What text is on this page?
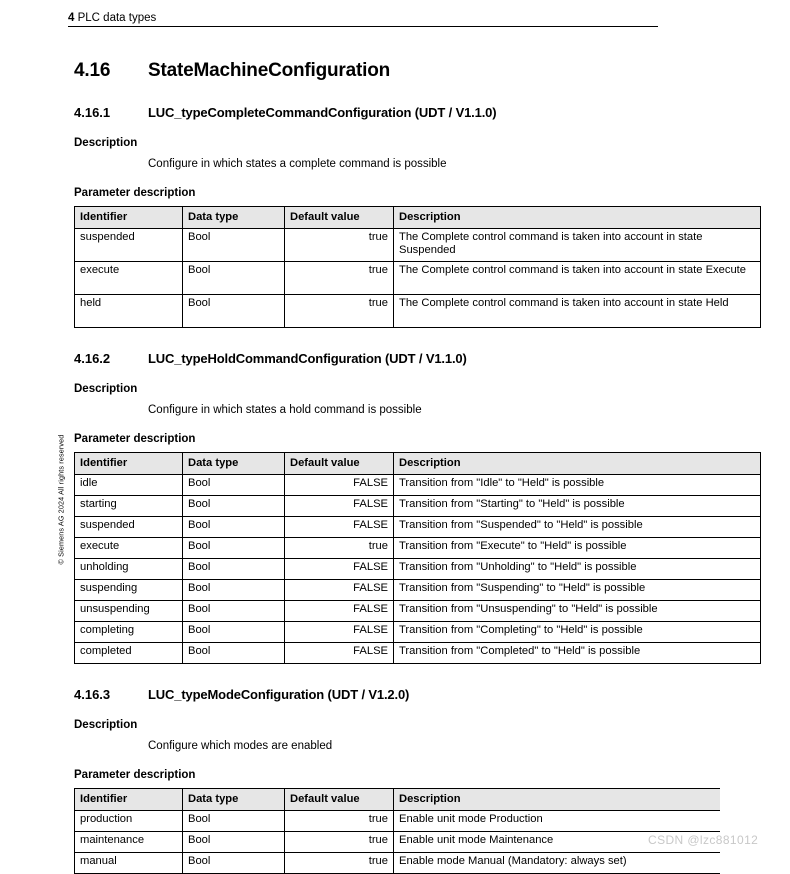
4 PLC data types
© Siemens AG 2024 All rights reserved
4.16	StateMachineConfiguration
4.16.1	LUC_typeCompleteCommandConfiguration (UDT / V1.1.0)
Description
Configure in which states a complete command is possible
Parameter description
Identifier	Data type	Default value	Description
suspended	Bool	true	The Complete control command is taken into account in state Suspended
execute	Bool	true	The Complete control command is taken into account in state Execute
held	Bool	true	The Complete control command is taken into account in state Held
4.16.2	LUC_typeHoldCommandConfiguration (UDT / V1.1.0)
Description
Configure in which states a hold command is possible
Parameter description
Identifier	Data type	Default value	Description
idle	Bool	FALSE	Transition from "Idle" to "Held" is possible
starting	Bool	FALSE	Transition from "Starting" to "Held" is possible
suspended	Bool	FALSE	Transition from "Suspended" to "Held" is possible
execute	Bool	true	Transition from "Execute" to "Held" is possible
unholding	Bool	FALSE	Transition from "Unholding" to "Held" is possible
suspending	Bool	FALSE	Transition from "Suspending" to "Held" is possible
unsuspending	Bool	FALSE	Transition from "Unsuspending" to "Held" is possible
completing	Bool	FALSE	Transition from "Completing" to "Held" is possible
completed	Bool	FALSE	Transition from "Completed" to "Held" is possible
4.16.3	LUC_typeModeConfiguration (UDT / V1.2.0)
Description
Configure which modes are enabled
Parameter description
Identifier	Data type	Default value	Description
production	Bool	true	Enable unit mode Production
maintenance	Bool	true	Enable unit mode Maintenance
manual	Bool	true	Enable mode Manual (Mandatory: always set)
CSDN @lzc881012
